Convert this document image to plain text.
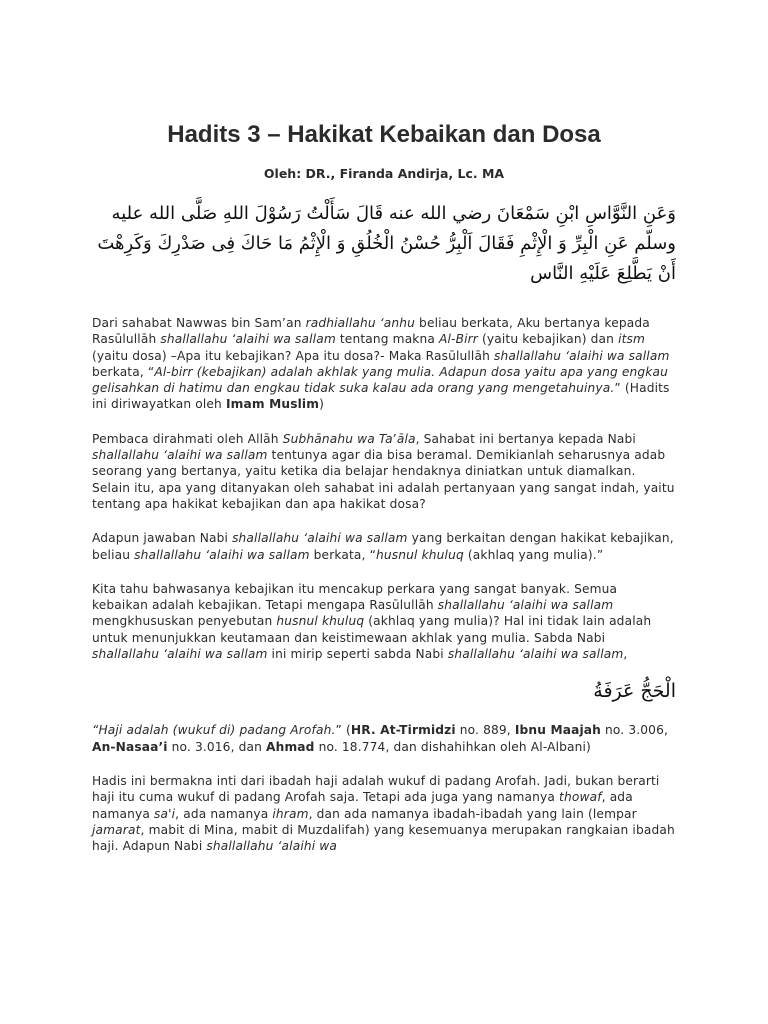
Hadits 3 – Hakikat Kebaikan dan Dosa
Oleh: DR., Firanda Andirja, Lc. MA
وَعَنِ النَّوَّاسِ ابْنِ سَمْعَانَ رضي الله عنه قَالَ سَأَلْتُ رَسُوْلَ اللهِ صَلَّى الله عليه وسلّم عَنِ الْبِرِّ وَ الْإِثْمِ فَقَالَ اَلْبِرُّ حُسْنُ الْخُلُقِ وَ الْإِثْمُ مَا حَاكَ فِى صَدْرِكَ وَكَرِهْتَ أَنْ يَطَّلِعَ عَلَيْهِ النَّاس

Dari sahabat Nawwas bin Sam’an radhiallahu ‘anhu beliau berkata, Aku bertanya kepada Rasūlullāh shallallahu ‘alaihi wa sallam tentang makna Al-Birr (yaitu kebajikan) dan itsm (yaitu dosa) –Apa itu kebajikan? Apa itu dosa?- Maka Rasūlullāh shallallahu ‘alaihi wa sallam berkata, “Al-birr (kebajikan) adalah akhlak yang mulia. Adapun dosa yaitu apa yang engkau gelisahkan di hatimu dan engkau tidak suka kalau ada orang yang mengetahuinya.” (Hadits ini diriwayatkan oleh Imam Muslim)

Pembaca dirahmati oleh Allāh Subhānahu wa Taʼāla, Sahabat ini bertanya kepada Nabi shallallahu ‘alaihi wa sallam tentunya agar dia bisa beramal. Demikianlah seharusnya adab seorang yang bertanya, yaitu ketika dia belajar hendaknya diniatkan untuk diamalkan. Selain itu, apa yang ditanyakan oleh sahabat ini adalah pertanyaan yang sangat indah, yaitu tentang apa hakikat kebajikan dan apa hakikat dosa?

Adapun jawaban Nabi shallallahu ‘alaihi wa sallam yang berkaitan dengan hakikat kebajikan, beliau shallallahu ‘alaihi wa sallam berkata, “husnul khuluq (akhlaq yang mulia).”

Kita tahu bahwasanya kebajikan itu mencakup perkara yang sangat banyak. Semua kebaikan adalah kebajikan. Tetapi mengapa Rasūlullāh shallallahu ‘alaihi wa sallam mengkhususkan penyebutan husnul khuluq (akhlaq yang mulia)? Hal ini tidak lain adalah untuk menunjukkan keutamaan dan keistimewaan akhlak yang mulia. Sabda Nabi shallallahu ‘alaihi wa sallam ini mirip seperti sabda Nabi shallallahu ‘alaihi wa sallam,

الْحَجُّ عَرَفَةُ

“Haji adalah (wukuf di) padang Arofah.” (HR. At-Tirmidzi no. 889, Ibnu Maajah no. 3.006, An-Nasaa’i no. 3.016, dan Ahmad no. 18.774, dan dishahihkan oleh Al-Albani)

Hadis ini bermakna inti dari ibadah haji adalah wukuf di padang Arofah. Jadi, bukan berarti haji itu cuma wukuf di padang Arofah saja. Tetapi ada juga yang namanya thowaf, ada namanya sa'i, ada namanya ihram, dan ada namanya ibadah-ibadah yang lain (lempar jamarat, mabit di Mina, mabit di Muzdalifah) yang kesemuanya merupakan rangkaian ibadah haji. Adapun Nabi shallallahu ‘alaihi wa
